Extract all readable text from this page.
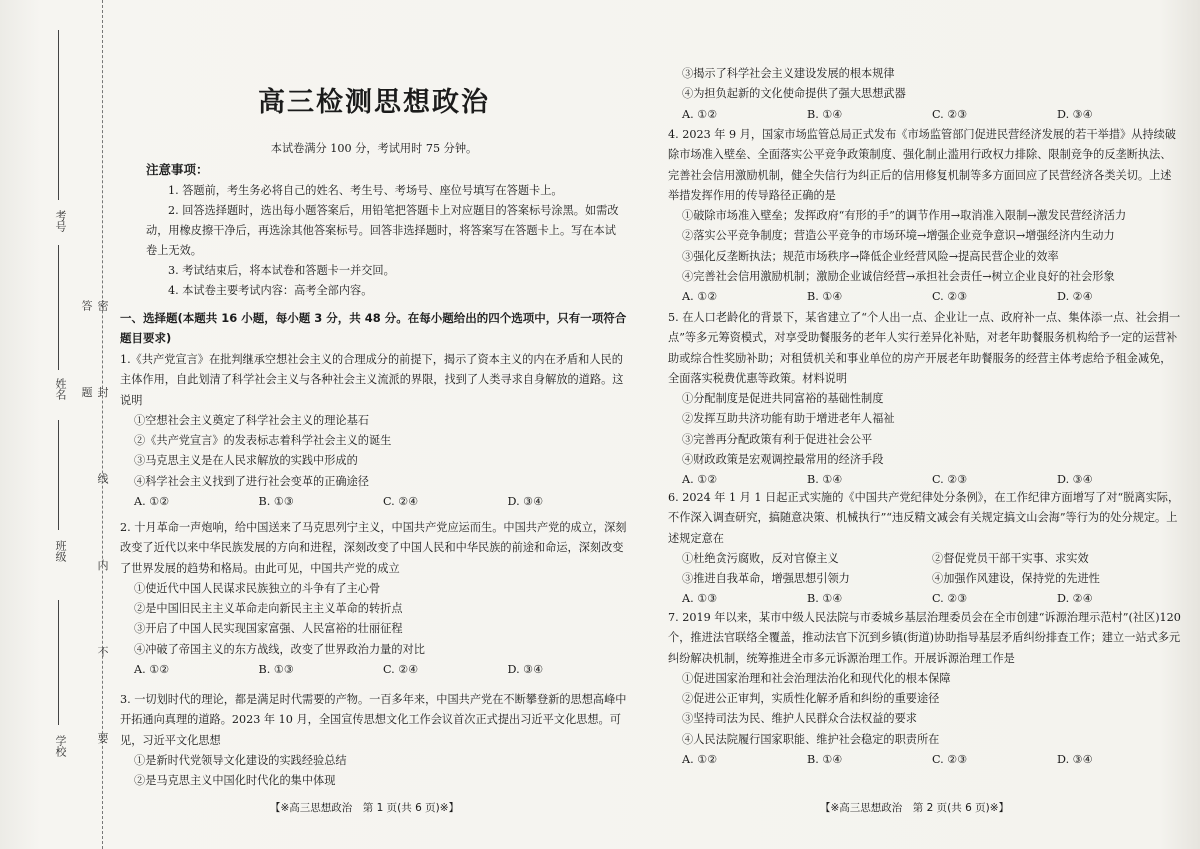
考号
姓名
班级
学校	密 封 线 内 不 要 答 题
高三检测思想政治
本试卷满分 100 分，考试用时 75 分钟。
注意事项：

1. 答题前，考生务必将自己的姓名、考生号、考场号、座位号填写在答题卡上。

2. 回答选择题时，选出每小题答案后，用铅笔把答题卡上对应题目的答案标号涂黑。如需改动，用橡皮擦干净后，再选涂其他答案标号。回答非选择题时，将答案写在答题卡上。写在本试卷上无效。

3. 考试结束后，将本试卷和答题卡一并交回。

4. 本试卷主要考试内容：高考全部内容。

一、选择题(本题共 16 小题，每小题 3 分，共 48 分。在每小题给出的四个选项中，只有一项符合题目要求)

1.《共产党宣言》在批判继承空想社会主义的合理成分的前提下，揭示了资本主义的内在矛盾和人民的主体作用，自此划清了科学社会主义与各种社会主义流派的界限，找到了人类寻求自身解放的道路。这说明

①空想社会主义奠定了科学社会主义的理论基石

②《共产党宣言》的发表标志着科学社会主义的诞生

③马克思主义是在人民求解放的实践中形成的

④科学社会主义找到了进行社会变革的正确途径

A. ①②	B. ①③	C. ②④	D. ③④

2. 十月革命一声炮响，给中国送来了马克思列宁主义，中国共产党应运而生。中国共产党的成立，深刻改变了近代以来中华民族发展的方向和进程，深刻改变了中国人民和中华民族的前途和命运，深刻改变了世界发展的趋势和格局。由此可见，中国共产党的成立

①使近代中国人民谋求民族独立的斗争有了主心骨

②是中国旧民主主义革命走向新民主主义革命的转折点

③开启了中国人民实现国家富强、人民富裕的壮丽征程

④冲破了帝国主义的东方战线，改变了世界政治力量的对比

A. ①②	B. ①③	C. ②④	D. ③④

3. 一切划时代的理论，都是满足时代需要的产物。一百多年来，中国共产党在不断攀登新的思想高峰中开拓通向真理的道路。2023 年 10 月，全国宣传思想文化工作会议首次正式提出习近平文化思想。可见，习近平文化思想

①是新时代党领导文化建设的实践经验总结

②是马克思主义中国化时代化的集中体现

【※高三思想政治　第 1 页(共 6 页)※】

③揭示了科学社会主义建设发展的根本规律

④为担负起新的文化使命提供了强大思想武器

A. ①②	B. ①④	C. ②③	D. ③④

4. 2023 年 9 月，国家市场监管总局正式发布《市场监管部门促进民营经济发展的若干举措》从持续破除市场准入壁垒、全面落实公平竞争政策制度、强化制止滥用行政权力排除、限制竞争的反垄断执法、完善社会信用激励机制，健全失信行为纠正后的信用修复机制等多方面回应了民营经济各类关切。上述举措发挥作用的传导路径正确的是

①破除市场准入壁垒；发挥政府“有形的手”的调节作用→取消准入限制→激发民营经济活力

②落实公平竞争制度；营造公平竞争的市场环境→增强企业竞争意识→增强经济内生动力

③强化反垄断执法；规范市场秩序→降低企业经营风险→提高民营企业的效率

④完善社会信用激励机制；激励企业诚信经营→承担社会责任→树立企业良好的社会形象

A. ①②	B. ①④	C. ②③	D. ②④

5. 在人口老龄化的背景下，某省建立了“个人出一点、企业让一点、政府补一点、集体添一点、社会捐一点”等多元筹资模式，对享受助餐服务的老年人实行差异化补贴，对老年助餐服务机构给予一定的运营补助或综合性奖励补助；对租赁机关和事业单位的房产开展老年助餐服务的经营主体考虑给予租金减免，全面落实税费优惠等政策。材料说明

①分配制度是促进共同富裕的基础性制度

②发挥互助共济功能有助于增进老年人福祉

③完善再分配政策有利于促进社会公平

④财政政策是宏观调控最常用的经济手段

A. ①②	B. ①④	C. ②③	D. ③④

6. 2024 年 1 月 1 日起正式实施的《中国共产党纪律处分条例》，在工作纪律方面增写了对“脱离实际，不作深入调查研究，搞随意决策、机械执行”“违反精文减会有关规定搞文山会海”等行为的处分规定。上述规定意在

①杜绝贪污腐败，反对官僚主义	②督促党员干部干实事、求实效
③推进自我革命，增强思想引领力	④加强作风建设，保持党的先进性
A. ①③	B. ①④	C. ②③	D. ②④

7. 2019 年以来，某市中级人民法院与市委城乡基层治理委员会在全市创建“诉源治理示范村”(社区)120 个，推进法官联络全覆盖，推动法官下沉到乡镇(街道)协助指导基层矛盾纠纷排查工作；建立一站式多元纠纷解决机制，统筹推进全市多元诉源治理工作。开展诉源治理工作是

①促进国家治理和社会治理法治化和现代化的根本保障

②促进公正审判，实质性化解矛盾和纠纷的重要途径

③坚持司法为民、维护人民群众合法权益的要求

④人民法院履行国家职能、维护社会稳定的职责所在

A. ①②	B. ①④	C. ②③	D. ③④
【※高三思想政治　第 2 页(共 6 页)※】
